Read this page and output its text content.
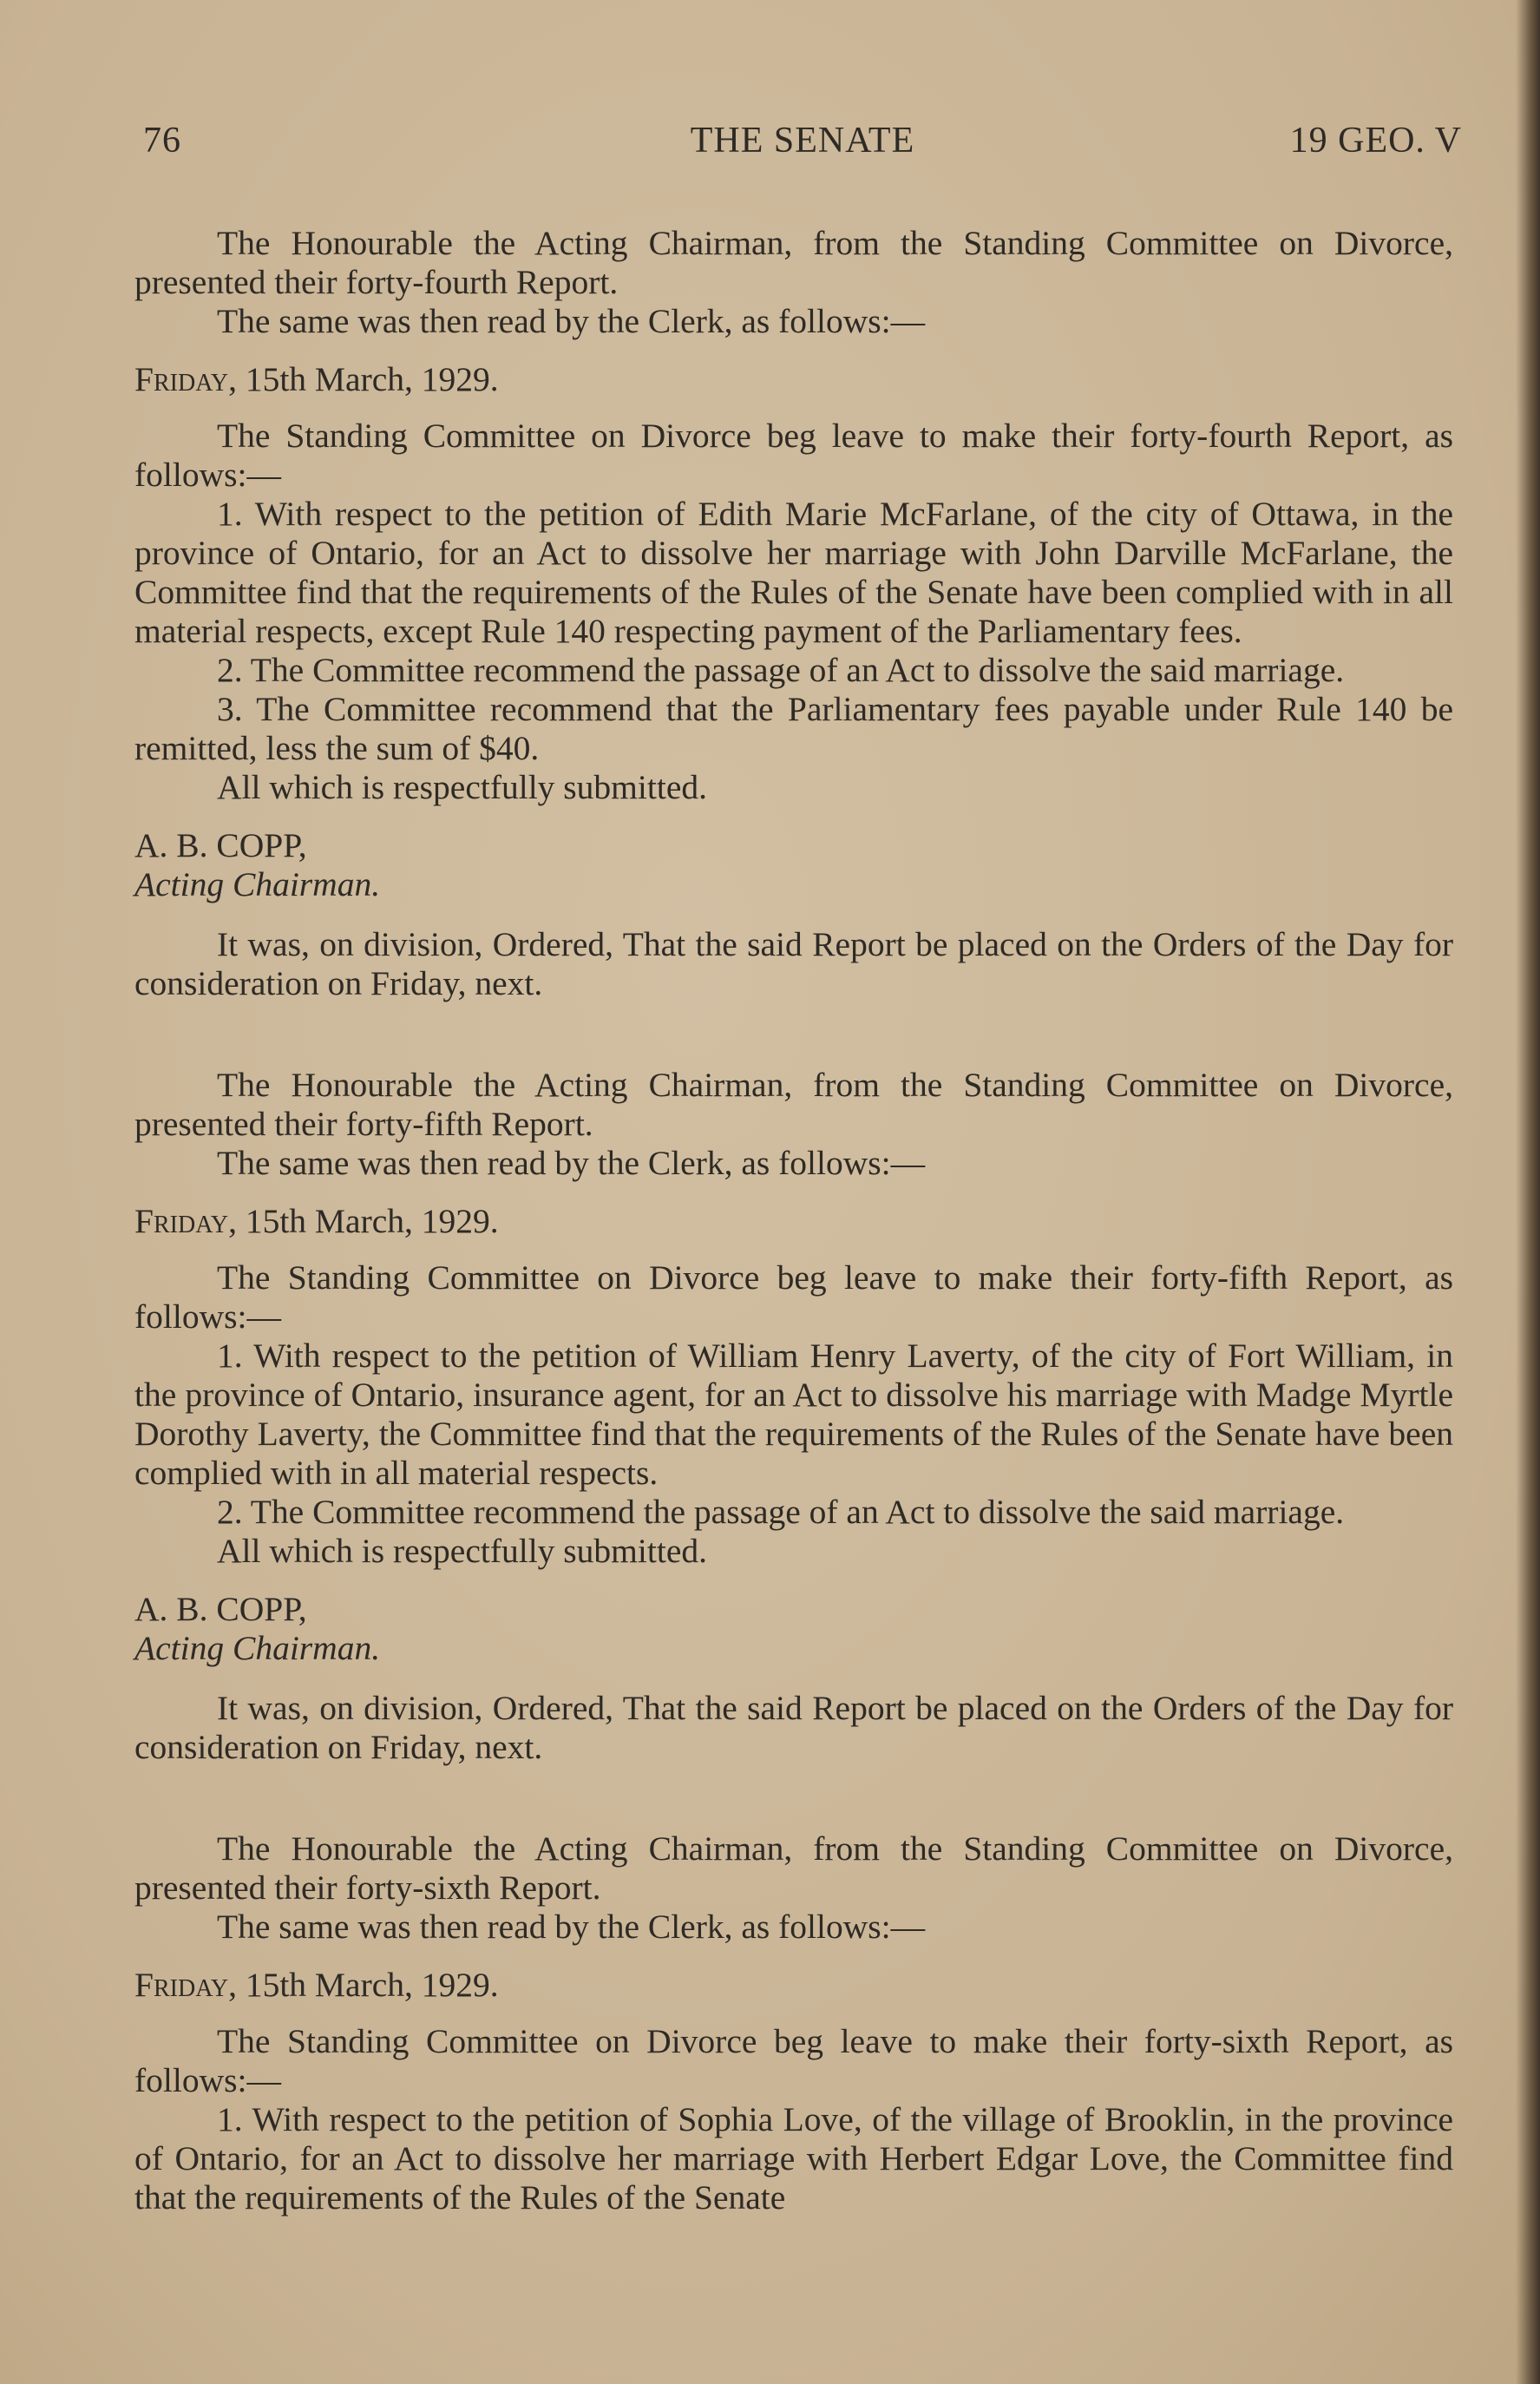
76	THE SENATE	19 GEO. V

The Honourable the Acting Chairman, from the Standing Committee on Divorce, presented their forty-fourth Report.

The same was then read by the Clerk, as follows:—

Friday, 15th March, 1929.

The Standing Committee on Divorce beg leave to make their forty-fourth Report, as follows:—

1. With respect to the petition of Edith Marie McFarlane, of the city of Ottawa, in the province of Ontario, for an Act to dissolve her marriage with John Darville McFarlane, the Committee find that the requirements of the Rules of the Senate have been complied with in all material respects, except Rule 140 respecting payment of the Parliamentary fees.

2. The Committee recommend the passage of an Act to dissolve the said marriage.

3. The Committee recommend that the Parliamentary fees payable under Rule 140 be remitted, less the sum of $40.

All which is respectfully submitted.

A. B. COPP,
Acting Chairman.

It was, on division, Ordered, That the said Report be placed on the Orders of the Day for consideration on Friday, next.

The Honourable the Acting Chairman, from the Standing Committee on Divorce, presented their forty-fifth Report.

The same was then read by the Clerk, as follows:—

Friday, 15th March, 1929.

The Standing Committee on Divorce beg leave to make their forty-fifth Report, as follows:—

1. With respect to the petition of William Henry Laverty, of the city of Fort William, in the province of Ontario, insurance agent, for an Act to dissolve his marriage with Madge Myrtle Dorothy Laverty, the Committee find that the requirements of the Rules of the Senate have been complied with in all material respects.

2. The Committee recommend the passage of an Act to dissolve the said marriage.

All which is respectfully submitted.

A. B. COPP,
Acting Chairman.

It was, on division, Ordered, That the said Report be placed on the Orders of the Day for consideration on Friday, next.

The Honourable the Acting Chairman, from the Standing Committee on Divorce, presented their forty-sixth Report.

The same was then read by the Clerk, as follows:—

Friday, 15th March, 1929.

The Standing Committee on Divorce beg leave to make their forty-sixth Report, as follows:—

1. With respect to the petition of Sophia Love, of the village of Brooklin, in the province of Ontario, for an Act to dissolve her marriage with Herbert Edgar Love, the Committee find that the requirements of the Rules of the Senate
